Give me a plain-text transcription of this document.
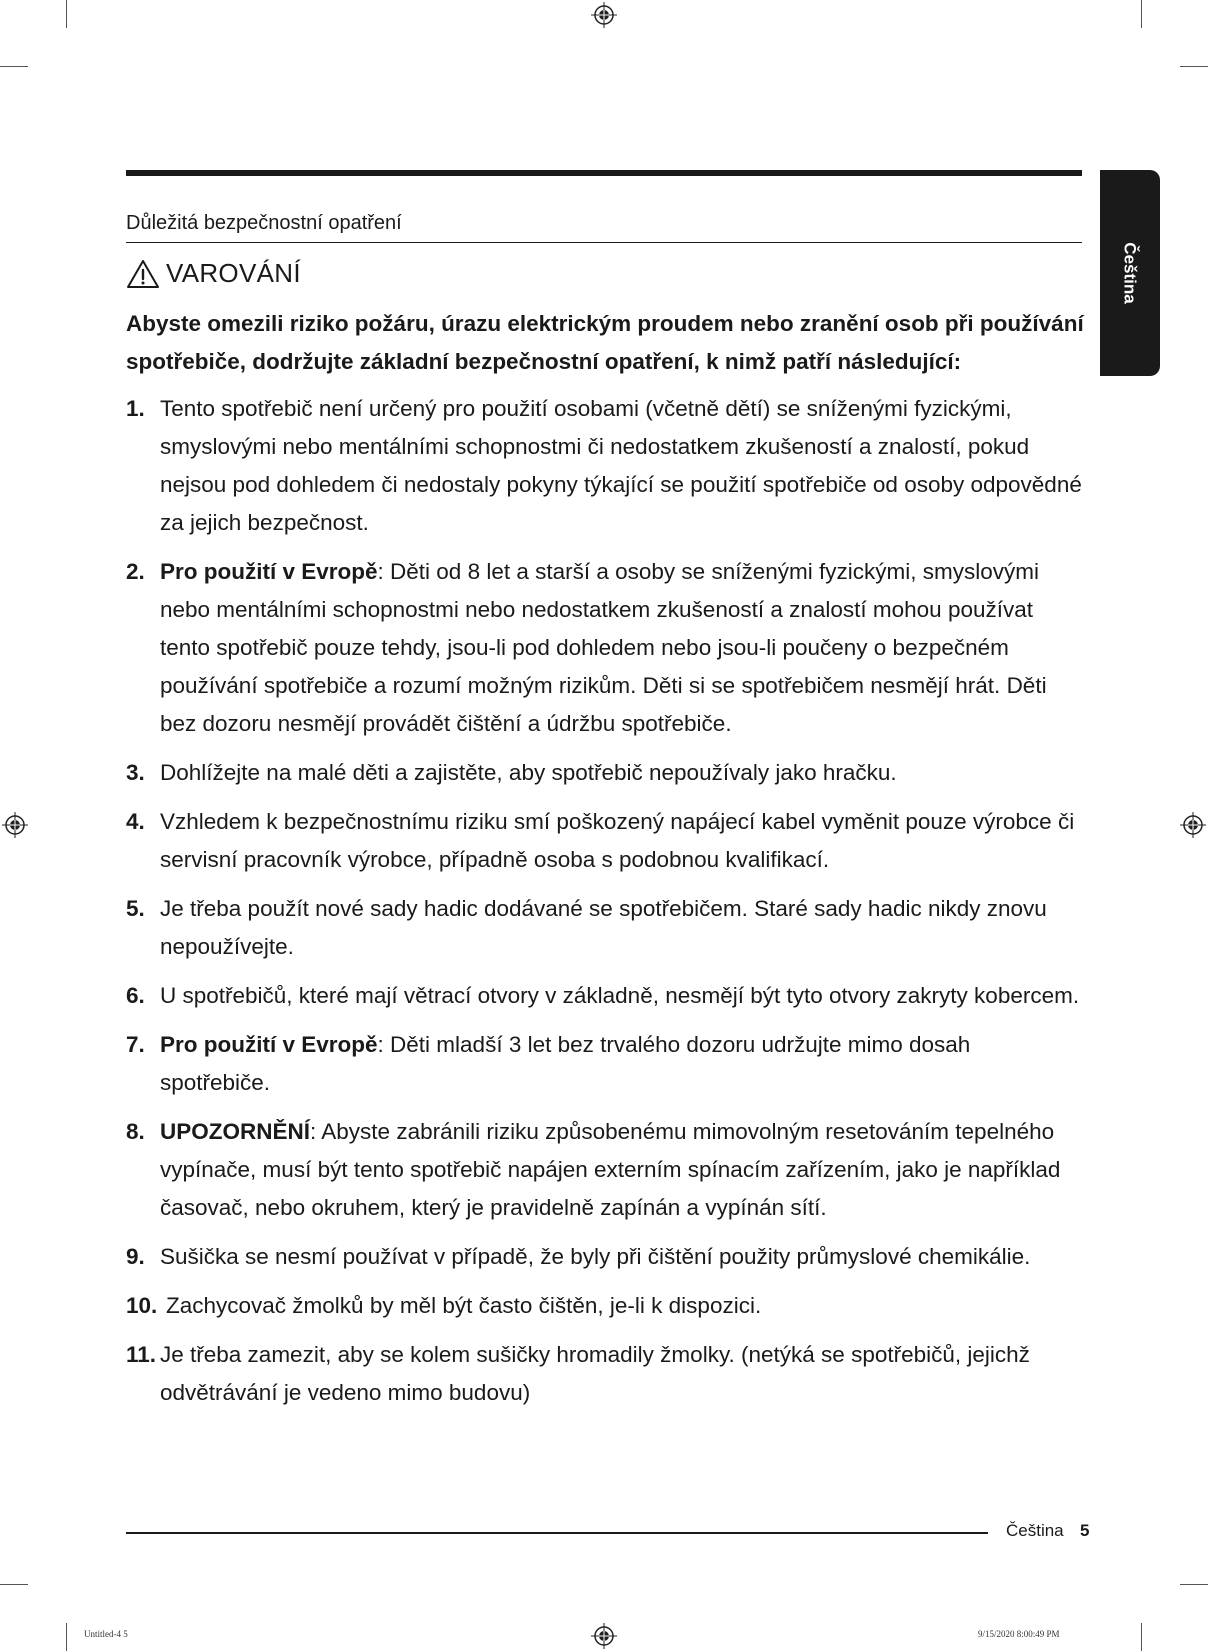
Čeština
Důležitá bezpečnostní opatření
VAROVÁNÍ

Abyste omezili riziko požáru, úrazu elektrickým proudem nebo zranění osob při používání spotřebiče, dodržujte základní bezpečnostní opatření, k nimž patří následující:

1. Tento spotřebič není určený pro použití osobami (včetně dětí) se sníženými fyzickými, smyslovými nebo mentálními schopnostmi či nedostatkem zkušeností a znalostí, pokud nejsou pod dohledem či nedostaly pokyny týkající se použití spotřebiče od osoby odpovědné za jejich bezpečnost.
2. Pro použití v Evropě: Děti od 8 let a starší a osoby se sníženými fyzickými, smyslovými nebo mentálními schopnostmi nebo nedostatkem zkušeností a znalostí mohou používat tento spotřebič pouze tehdy, jsou-li pod dohledem nebo jsou-li poučeny o bezpečném používání spotřebiče a rozumí možným rizikům. Děti si se spotřebičem nesmějí hrát. Děti bez dozoru nesmějí provádět čištění a údržbu spotřebiče.
3. Dohlížejte na malé děti a zajistěte, aby spotřebič nepoužívaly jako hračku.
4. Vzhledem k bezpečnostnímu riziku smí poškozený napájecí kabel vyměnit pouze výrobce či servisní pracovník výrobce, případně osoba s podobnou kvalifikací.
5. Je třeba použít nové sady hadic dodávané se spotřebičem. Staré sady hadic nikdy znovu nepoužívejte.
6. U spotřebičů, které mají větrací otvory v základně, nesmějí být tyto otvory zakryty kobercem.
7. Pro použití v Evropě: Děti mladší 3 let bez trvalého dozoru udržujte mimo dosah spotřebiče.
8. UPOZORNĚNÍ: Abyste zabránili riziku způsobenému mimovolným resetováním tepelného vypínače, musí být tento spotřebič napájen externím spínacím zařízením, jako je například časovač, nebo okruhem, který je pravidelně zapínán a vypínán sítí.
9. Sušička se nesmí používat v případě, že byly při čištění použity průmyslové chemikálie.
10. Zachycovač žmolků by měl být často čištěn, je-li k dispozici.
11. Je třeba zamezit, aby se kolem sušičky hromadily žmolky. (netýká se spotřebičů, jejichž odvětrávání je vedeno mimo budovu)
Čeština 5
Untitled-4 5	9/15/2020 8:00:49 PM
